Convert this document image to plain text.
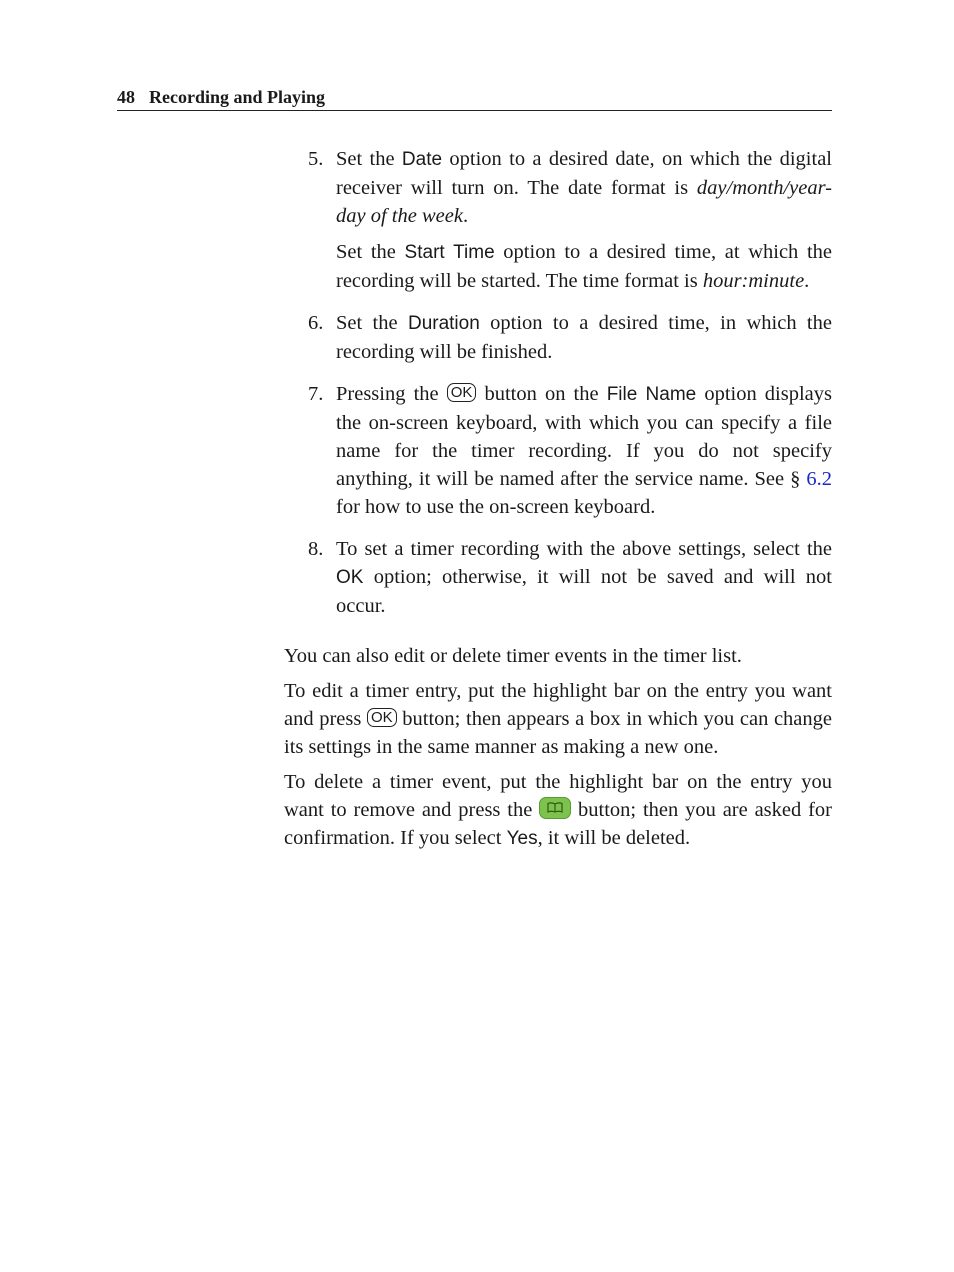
48 Recording and Playing
5. Set the Date option to a desired date, on which the digital receiver will turn on. The date format is day/month/year-day of the week.

Set the Start Time option to a desired time, at which the recording will be started. The time format is hour:minute.

6. Set the Duration option to a desired time, in which the recording will be finished.

7. Pressing the OK button on the File Name option displays the on-screen keyboard, with which you can specify a file name for the timer recording. If you do not specify anything, it will be named after the service name. See § 6.2 for how to use the on-screen keyboard.

8. To set a timer recording with the above settings, select the OK option; otherwise, it will not be saved and will not occur.

You can also edit or delete timer events in the timer list.

To edit a timer entry, put the highlight bar on the entry you want and press OK button; then appears a box in which you can change its settings in the same manner as making a new one.

To delete a timer event, put the highlight bar on the entry you want to remove and press the
button; then you are asked for confirmation. If you select Yes, it will be deleted.
